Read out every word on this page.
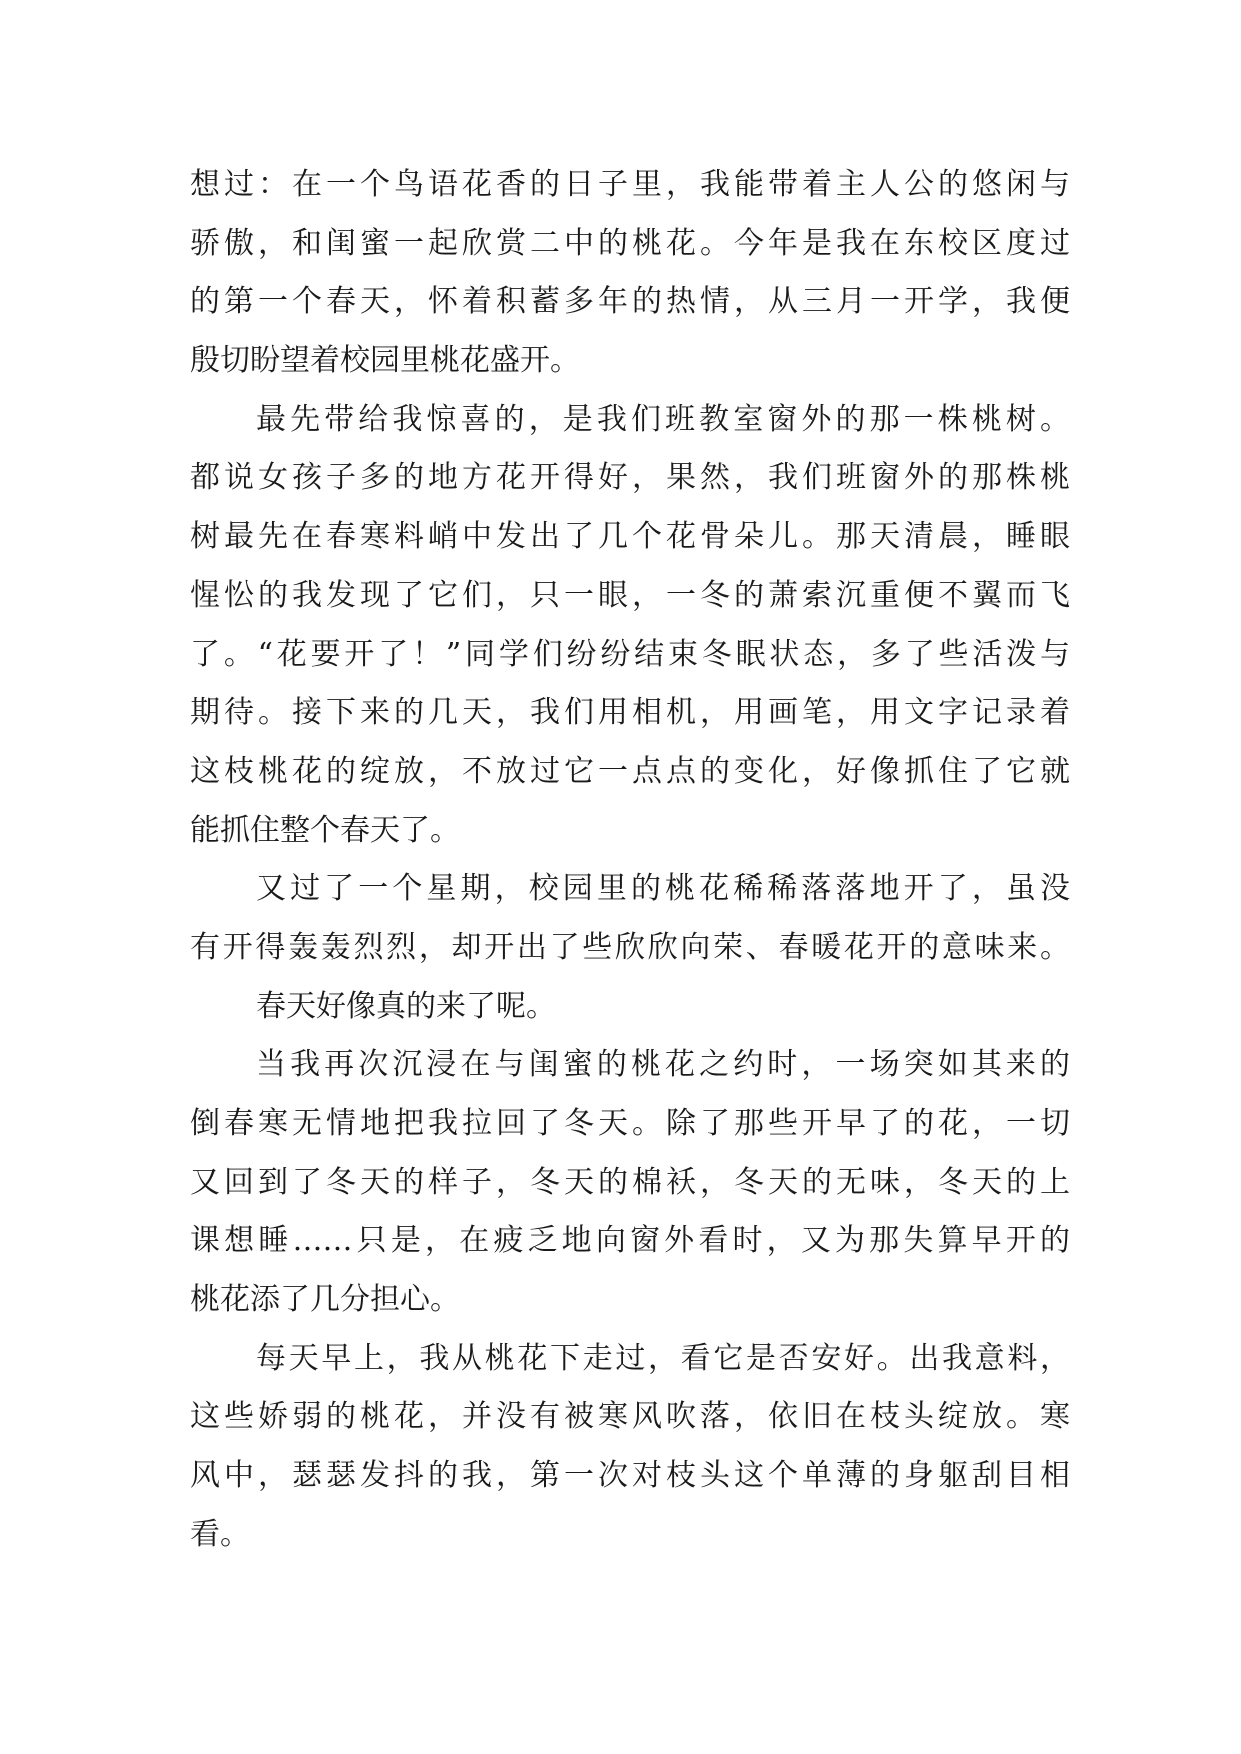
想过：在一个鸟语花香的日子里，我能带着主人公的悠闲与
骄傲，和闺蜜一起欣赏二中的桃花。今年是我在东校区度过
的第一个春天，怀着积蓄多年的热情，从三月一开学，我便
殷切盼望着校园里桃花盛开。
最先带给我惊喜的，是我们班教室窗外的那一株桃树。
都说女孩子多的地方花开得好，果然，我们班窗外的那株桃
树最先在春寒料峭中发出了几个花骨朵儿。那天清晨，睡眼
惺忪的我发现了它们，只一眼，一冬的萧索沉重便不翼而飞
了。“花要开了！”同学们纷纷结束冬眠状态，多了些活泼与
期待。接下来的几天，我们用相机，用画笔，用文字记录着
这枝桃花的绽放，不放过它一点点的变化，好像抓住了它就
能抓住整个春天了。
又过了一个星期，校园里的桃花稀稀落落地开了，虽没
有开得轰轰烈烈，却开出了些欣欣向荣、春暖花开的意味来。
春天好像真的来了呢。
当我再次沉浸在与闺蜜的桃花之约时，一场突如其来的
倒春寒无情地把我拉回了冬天。除了那些开早了的花，一切
又回到了冬天的样子，冬天的棉袄，冬天的无味，冬天的上
课想睡……只是，在疲乏地向窗外看时，又为那失算早开的
桃花添了几分担心。
每天早上，我从桃花下走过，看它是否安好。出我意料，
这些娇弱的桃花，并没有被寒风吹落，依旧在枝头绽放。寒
风中，瑟瑟发抖的我，第一次对枝头这个单薄的身躯刮目相
看。
